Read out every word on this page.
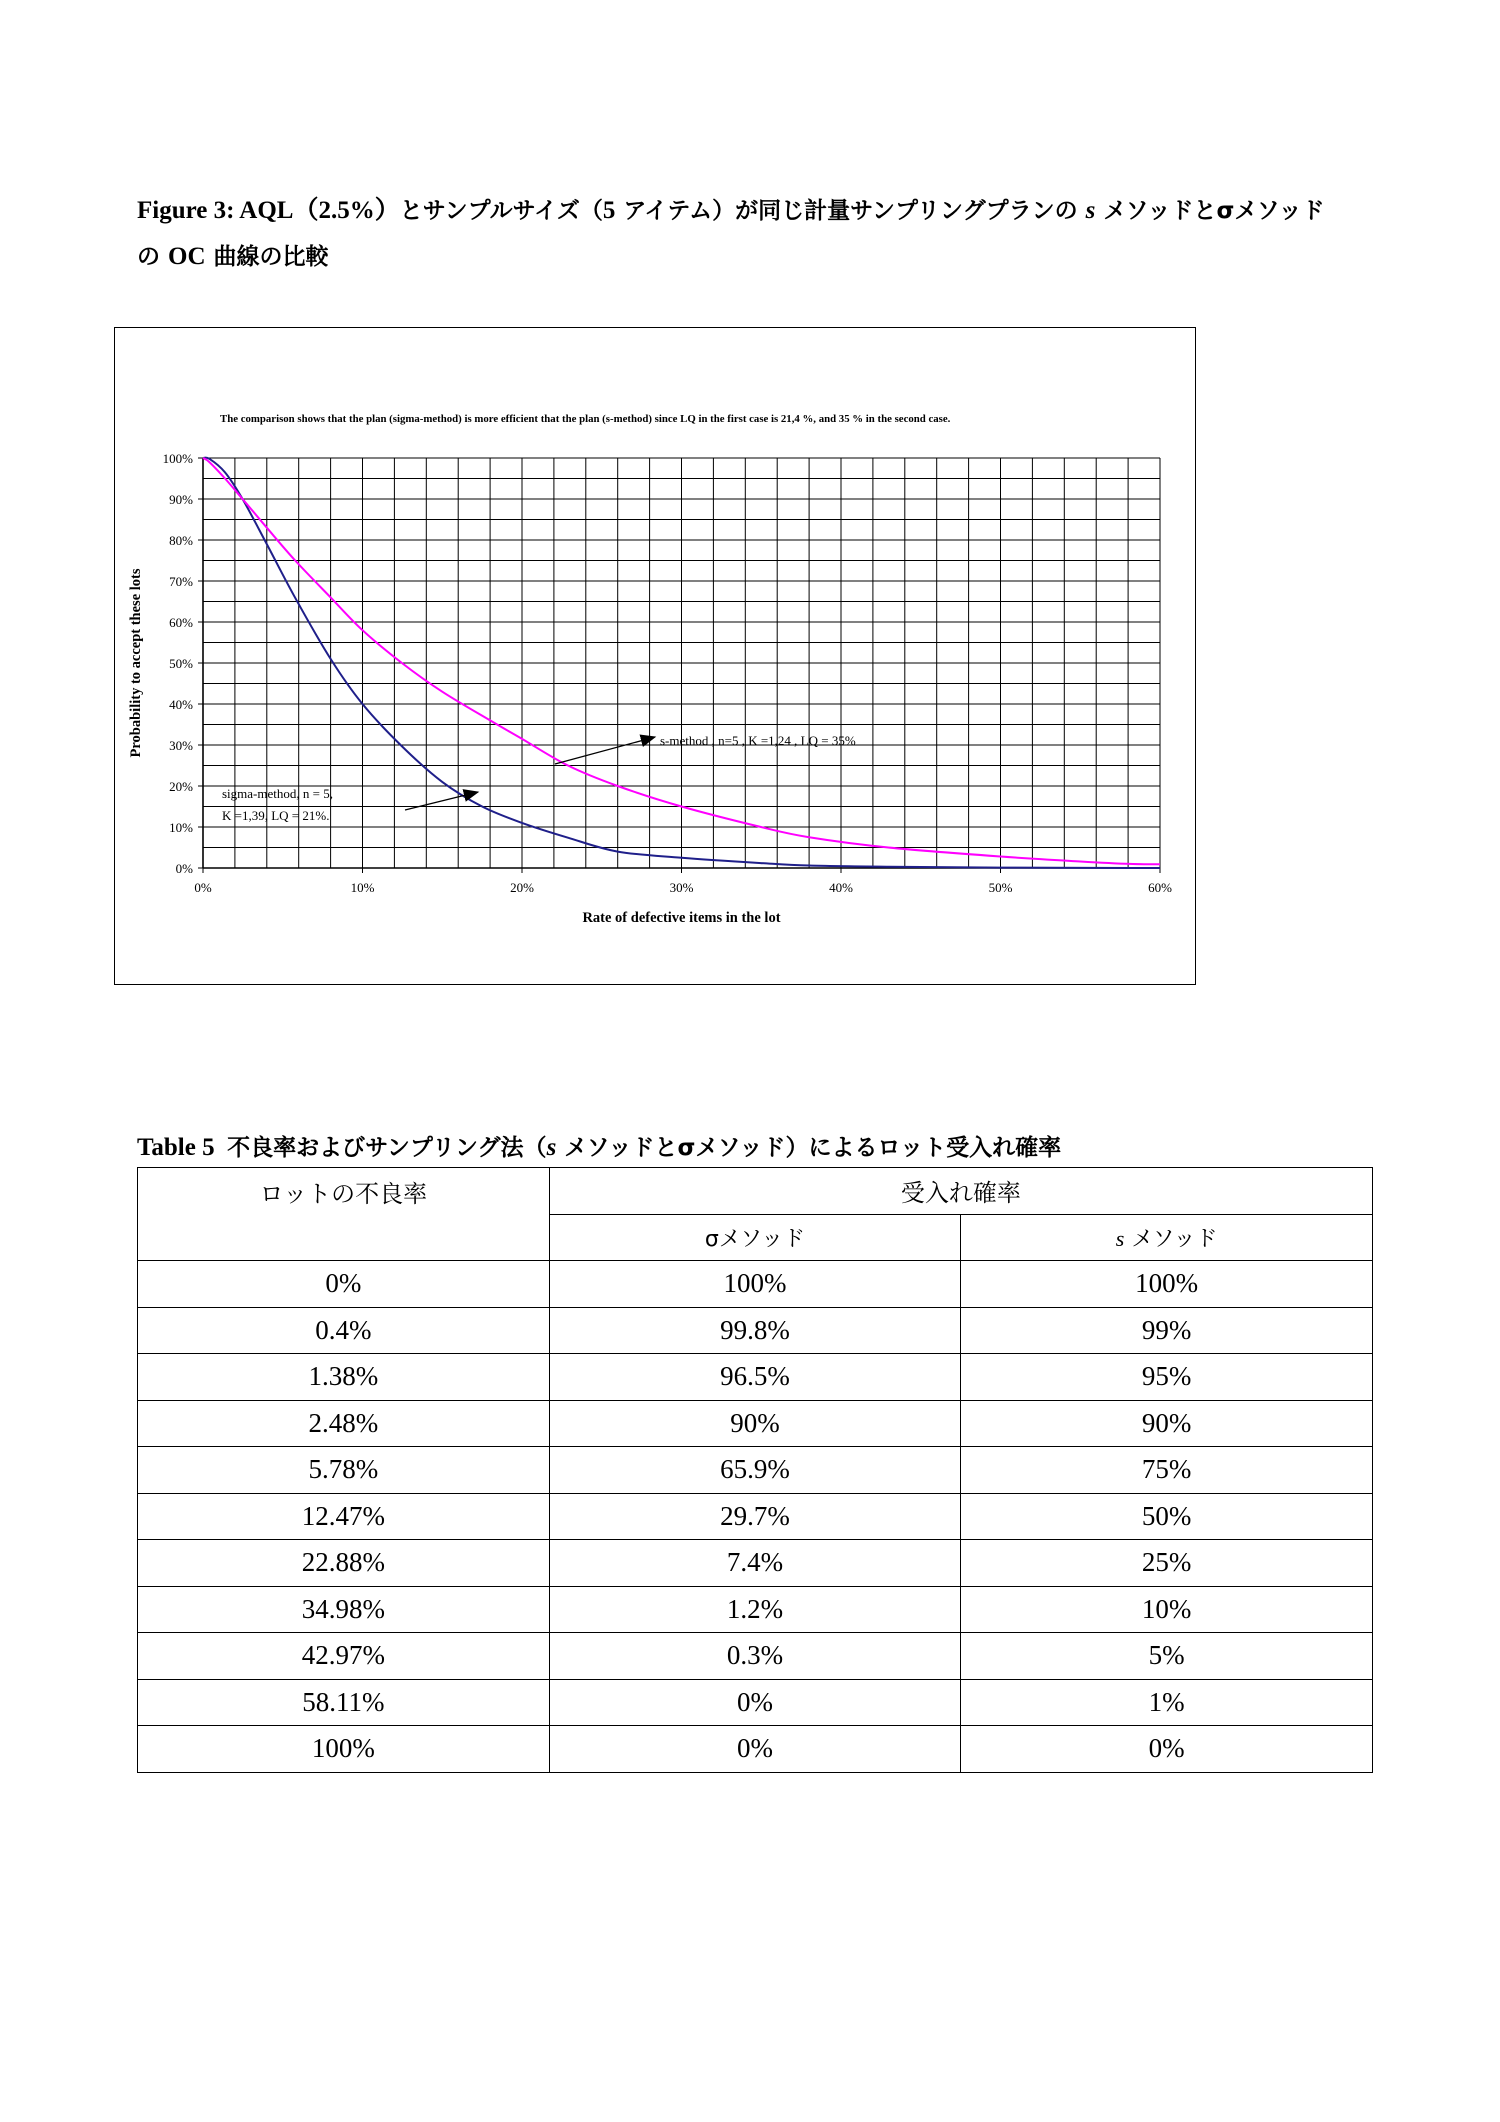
Figure 3: AQL（2.5%）とサンプルサイズ（5 アイテム）が同じ計量サンプリングプランの s メソッドとσメソッド
の OC 曲線の比較
0%
10%
20%
30%
40%
50%
60%
70%
80%
90%
100%
0%	10%	20%	30%	40%	50%	60%
The comparison shows that the plan (sigma-method) is more efficient that the plan (s-method) since LQ in the first case is 21,4 %, and 35 % in the second case.
Rate of defective items in the lot
Probability to accept these lots	s-method , n=5 , K =1,24 , LQ = 35%
sigma-method, n = 5,
K =1,39, LQ = 21%.
Table 5 不良率およびサンプリング法（s メソッドとσメソッド）によるロット受入れ確率
ロットの不良率	受入れ確率	
	σメソッド	s メソッド
0%	100%	100%
0.4%	99.8%	99%
1.38%	96.5%	95%
2.48%	90%	90%
5.78%	65.9%	75%
12.47%	29.7%	50%
22.88%	7.4%	25%
34.98%	1.2%	10%
42.97%	0.3%	5%
58.11%	0%	1%
100%	0%	0%
